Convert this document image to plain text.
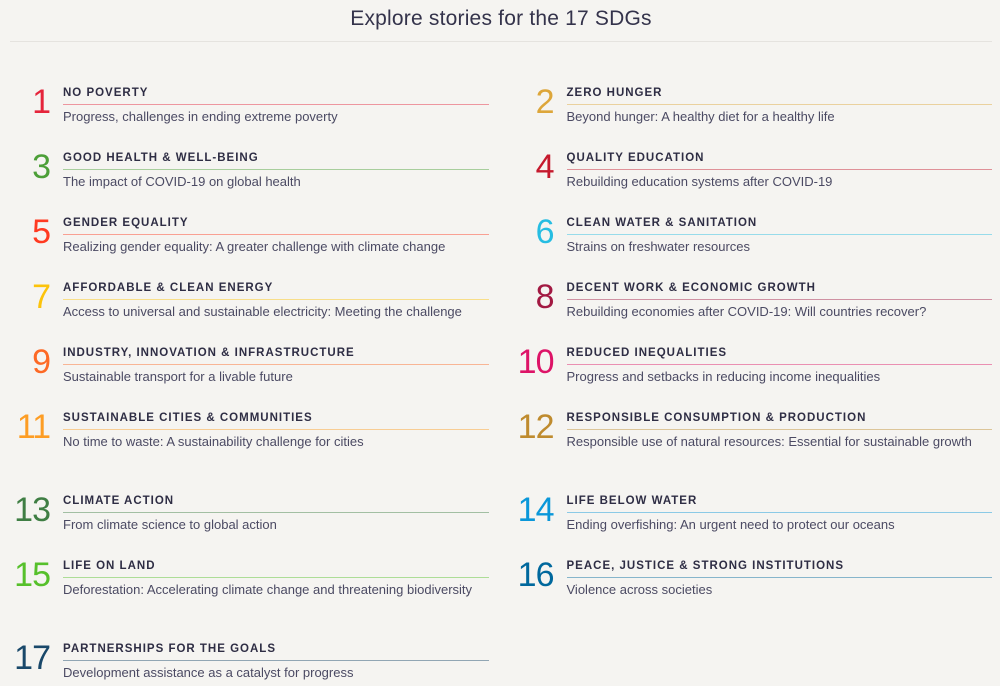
Explore stories for the 17 SDGs
1 NO POVERTY
Progress, challenges in ending extreme poverty
3 GOOD HEALTH & WELL-BEING
The impact of COVID-19 on global health
5 GENDER EQUALITY
Realizing gender equality: A greater challenge with climate change
7 AFFORDABLE & CLEAN ENERGY
Access to universal and sustainable electricity: Meeting the challenge
9 INDUSTRY, INNOVATION & INFRASTRUCTURE
Sustainable transport for a livable future
11 SUSTAINABLE CITIES & COMMUNITIES
No time to waste: A sustainability challenge for cities
13 CLIMATE ACTION
From climate science to global action
15 LIFE ON LAND
Deforestation: Accelerating climate change and threatening biodiversity
17 PARTNERSHIPS FOR THE GOALS
Development assistance as a catalyst for progress
2 ZERO HUNGER
Beyond hunger: A healthy diet for a healthy life
4 QUALITY EDUCATION
Rebuilding education systems after COVID-19
6 CLEAN WATER & SANITATION
Strains on freshwater resources
8 DECENT WORK & ECONOMIC GROWTH
Rebuilding economies after COVID-19: Will countries recover?
10 REDUCED INEQUALITIES
Progress and setbacks in reducing income inequalities
12 RESPONSIBLE CONSUMPTION & PRODUCTION
Responsible use of natural resources: Essential for sustainable growth
14 LIFE BELOW WATER
Ending overfishing: An urgent need to protect our oceans
16 PEACE, JUSTICE & STRONG INSTITUTIONS
Violence across societies
